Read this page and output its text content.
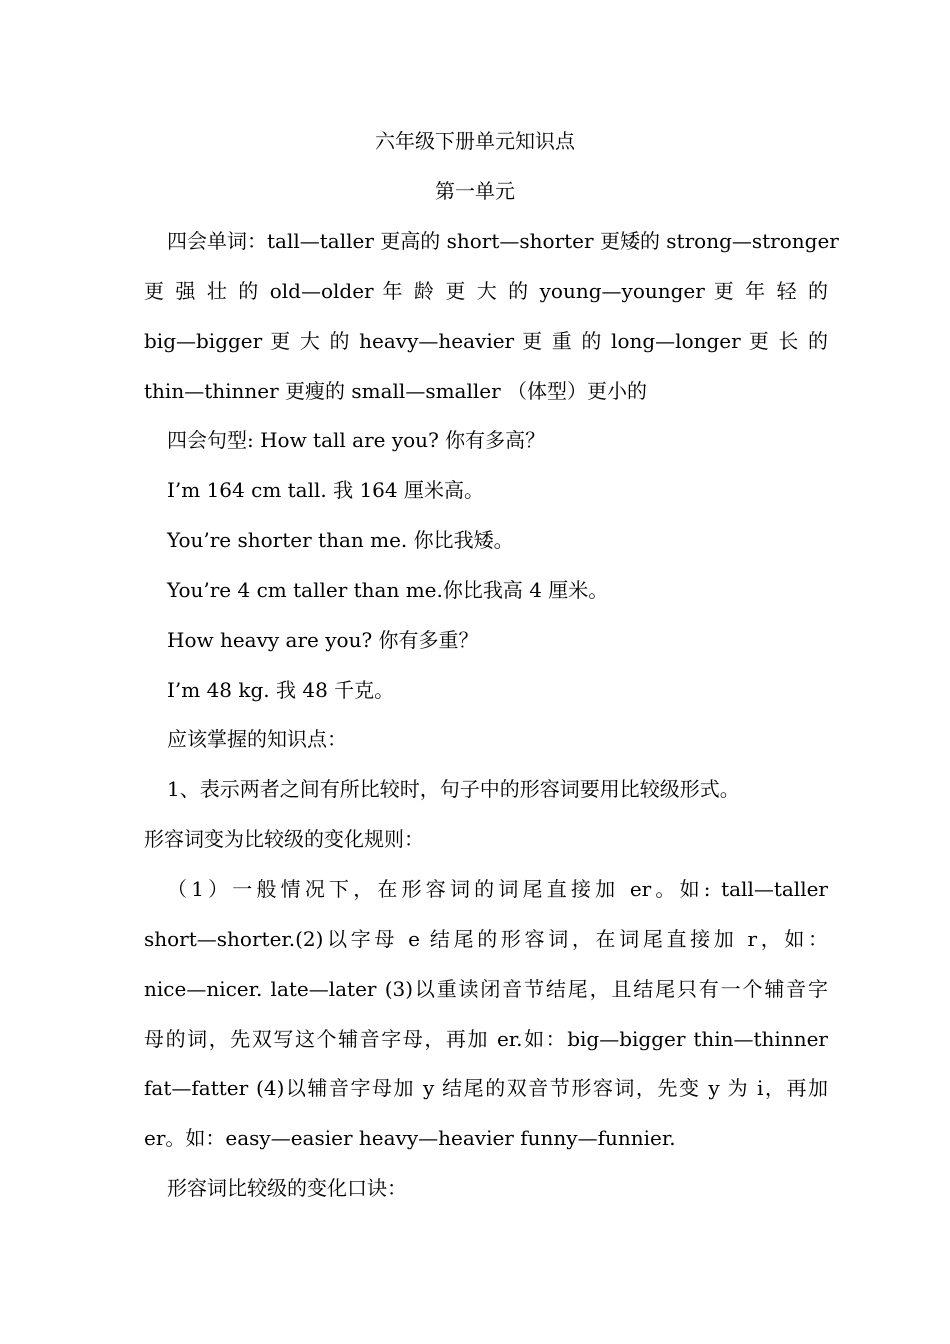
六年级下册单元知识点
第一单元
四会单词：tall—taller 更高的 short—shorter 更矮的 strong—stronger
更 强 壮 的 old—older 年 龄 更 大 的 young—younger 更 年 轻 的
big—bigger 更 大 的 heavy—heavier 更 重 的 long—longer 更 长 的
thin—thinner 更瘦的 small—smaller （体型）更小的
四会句型: How tall are you? 你有多高？
I’m 164 cm tall. 我 164 厘米高。
You’re shorter than me. 你比我矮。
You’re 4 cm taller than me.你比我高 4 厘米。
How heavy are you? 你有多重？
I’m 48 kg. 我 48 千克。
应该掌握的知识点：
1、表示两者之间有所比较时，句子中的形容词要用比较级形式。
形容词变为比较级的变化规则：
（1）一般情况下，在形容词的词尾直接加 er。如: tall—taller
short—shorter.(2)以字母 e 结尾的形容词，在词尾直接加 r，如：
nice—nicer. late—later (3)以重读闭音节结尾，且结尾只有一个辅音字
母的词，先双写这个辅音字母，再加 er.如：big—bigger thin—thinner
fat—fatter (4)以辅音字母加 y 结尾的双音节形容词，先变 y 为 i，再加
er。如：easy—easier heavy—heavier funny—funnier.
形容词比较级的变化口诀：
